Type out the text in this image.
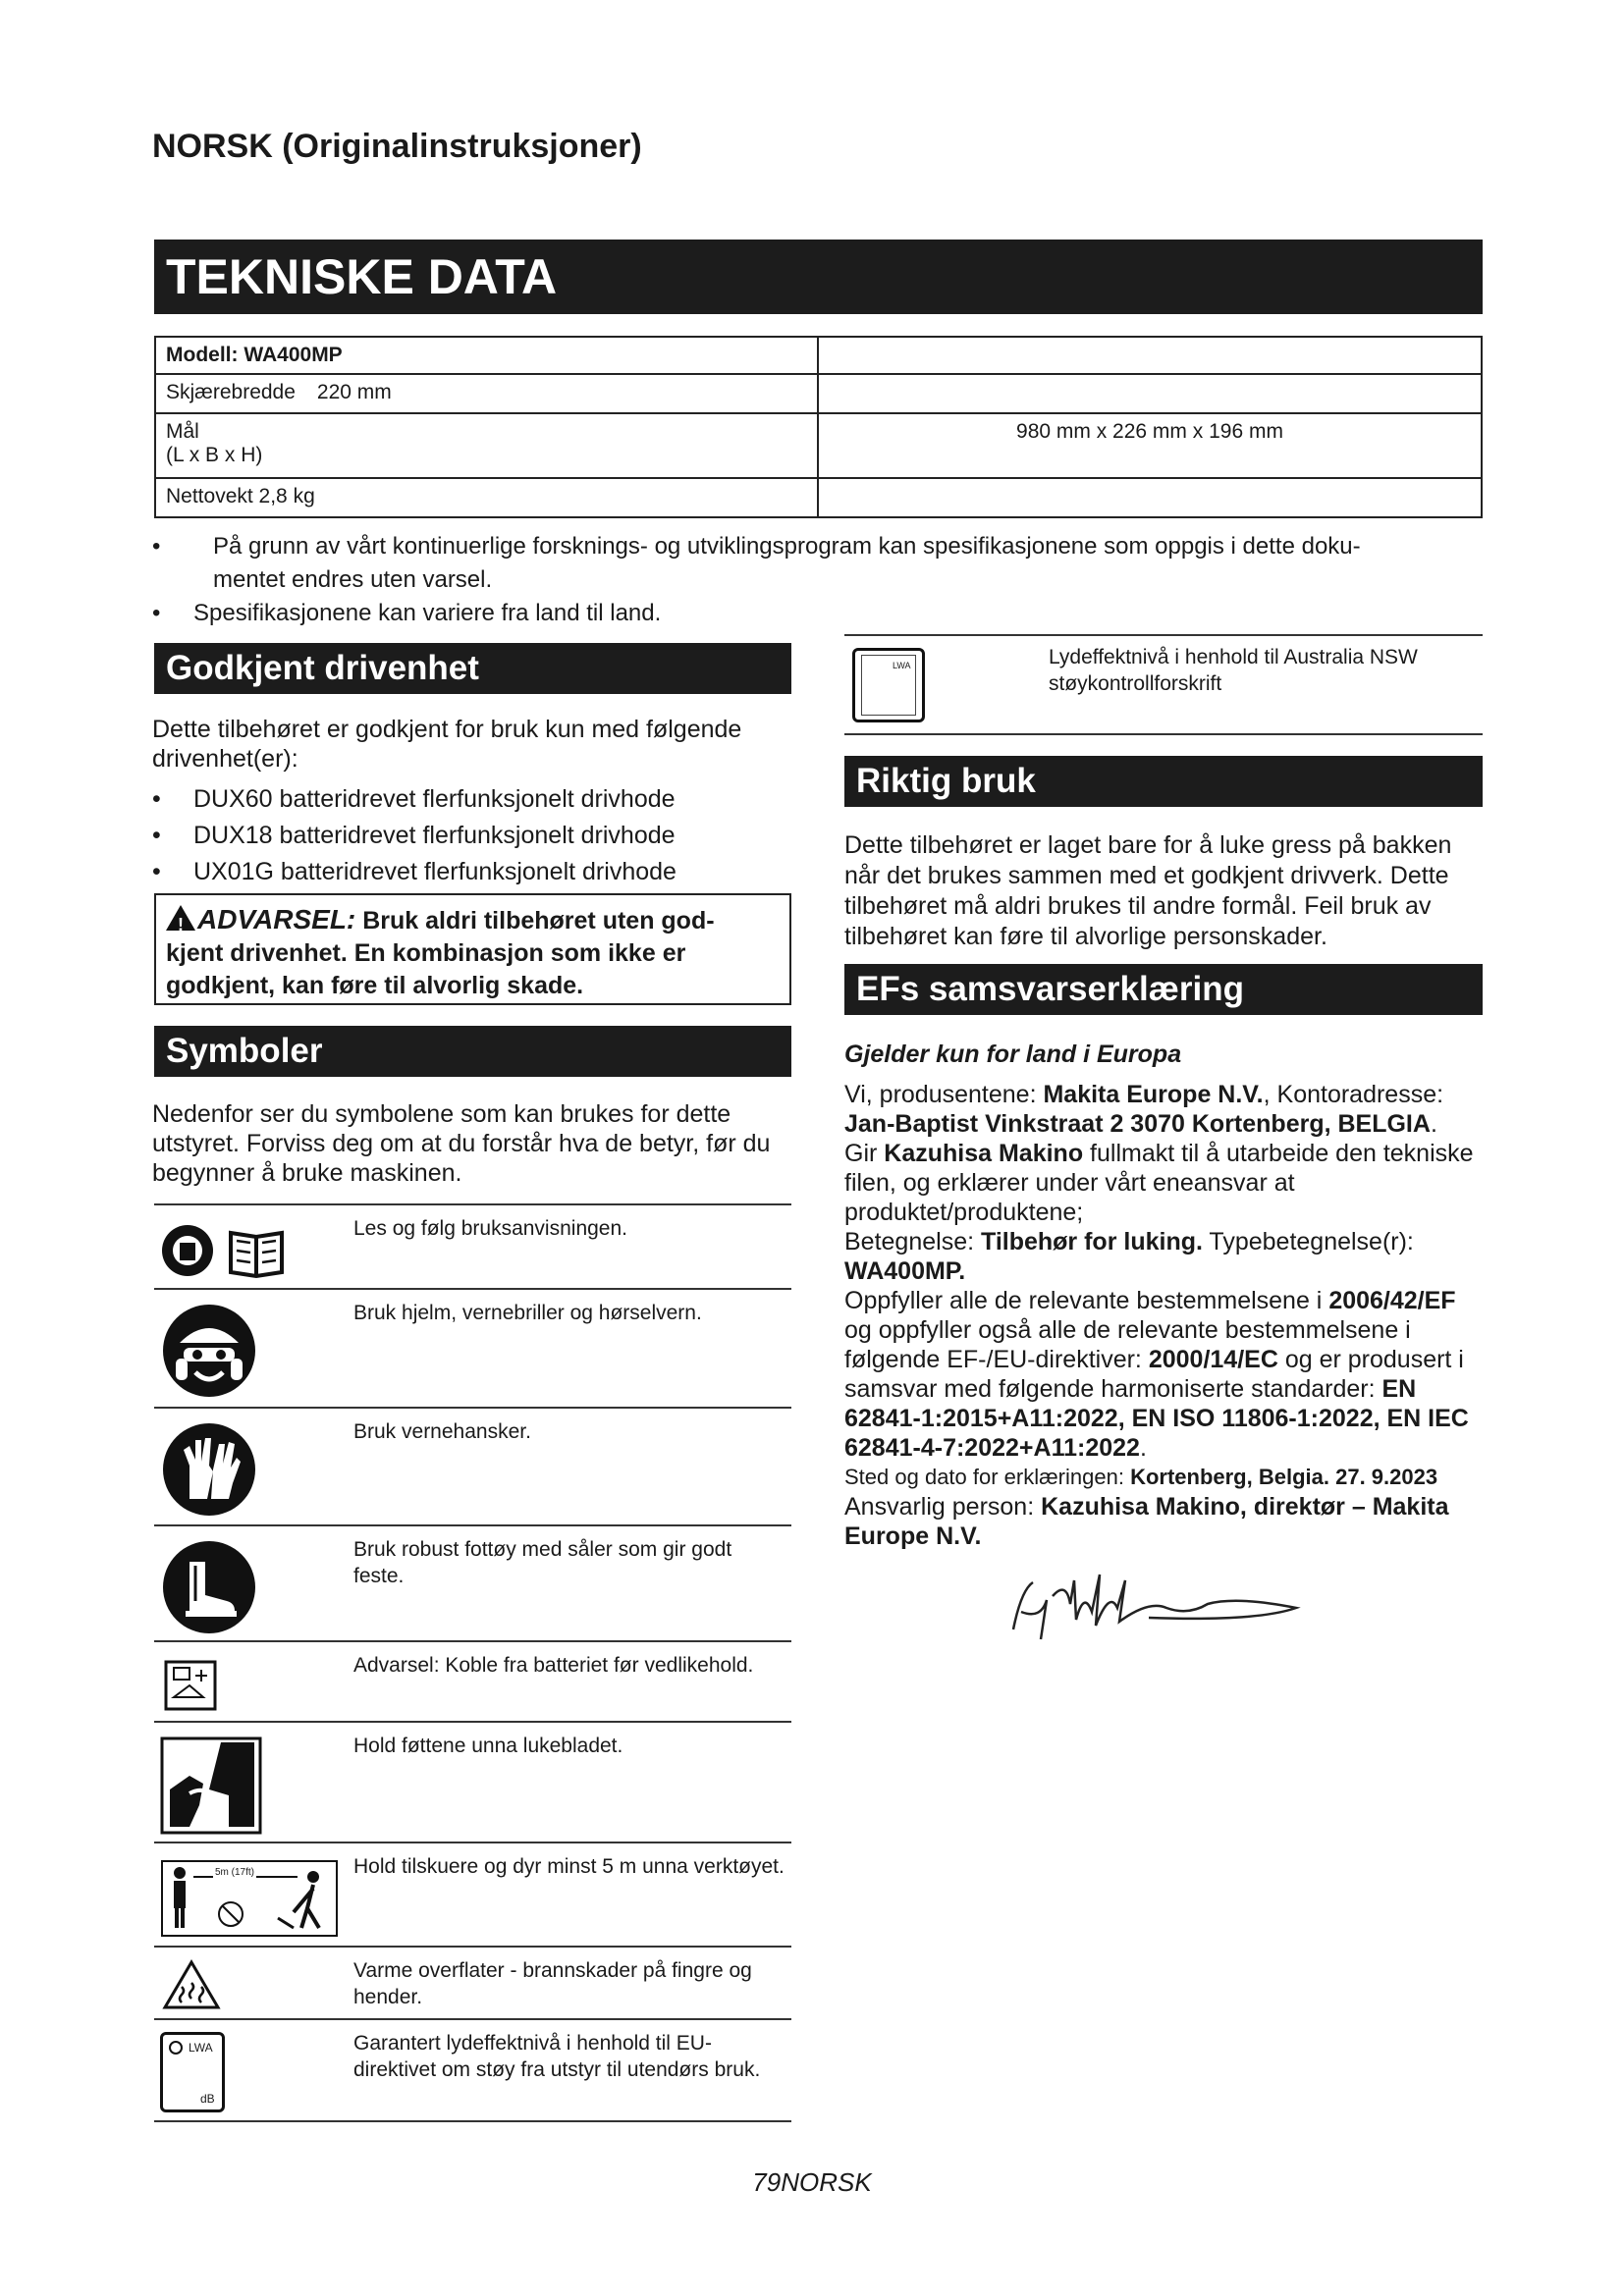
NORSK (Originalinstruksjoner)
TEKNISKE DATA
Modell: WA400MP	
Skjærebredde 220 mm	

Mål
(L x B x H)	980 mm x 226 mm x 196 mm
Nettovekt 2,8 kg	
• På grunn av vårt kontinuerlige forsknings- og utviklingsprogram kan spesifikasjonene som oppgis i dette doku-
mentet endres uten varsel.
• Spesifikasjonene kan variere fra land til land.
Godkjent drivenhet
Dette tilbehøret er godkjent for bruk kun med følgende drivenhet(er):
• DUX60 batteridrevet flerfunksjonelt drivhode
• DUX18 batteridrevet flerfunksjonelt drivhode
• UX01G batteridrevet flerfunksjonelt drivhode
!ADVARSEL: Bruk aldri tilbehøret uten god-
kjent drivenhet. En kombinasjon som ikke er
godkjent, kan føre til alvorlig skade.
Symboler
Nedenfor ser du symbolene som kan brukes for dette utstyret. Forviss deg om at du forstår hva de betyr, før du begynner å bruke maskinen.
Les og følg bruksanvisningen.
Bruk hjelm, vernebriller og hørselvern.
Bruk vernehansker.
Bruk robust fottøy med såler som gir godt feste.
Advarsel: Koble fra batteriet før vedlikehold.
Hold føttene unna lukebladet.
5m (17ft)	Hold tilskuere og dyr minst 5 m unna verktøyet.
Varme overflater - brannskader på fingre og hender.
LWA
dB
Garantert lydeffektnivå i henhold til EU-direktivet om støy fra utstyr til utendørs bruk.
LWA	Lydeffektnivå i henhold til Australia NSW støykontrollforskrift
Riktig bruk
Dette tilbehøret er laget bare for å luke gress på bakken når det brukes sammen med et godkjent drivverk. Dette tilbehøret må aldri brukes til andre formål. Feil bruk av tilbehøret kan føre til alvorlige personskader.
EFs samsvarserklæring
Gjelder kun for land i Europa
Vi, produsentene: Makita Europe N.V., Kontoradresse: Jan-Baptist Vinkstraat 2 3070 Kortenberg, BELGIA.
Gir Kazuhisa Makino fullmakt til å utarbeide den tekniske filen, og erklærer under vårt eneansvar at produktet/produktene;
Betegnelse: Tilbehør for luking. Typebetegnelse(r): WA400MP.
Oppfyller alle de relevante bestemmelsene i 2006/42/EF og oppfyller også alle de relevante bestemmelsene i følgende EF-/EU-direktiver: 2000/14/EC og er produsert i samsvar med følgende harmoniserte standarder: EN 62841-1:2015+A11:2022, EN ISO 11806-1:2022, EN IEC 62841-4-7:2022+A11:2022.
Sted og dato for erklæringen: Kortenberg, Belgia. 27. 9.2023
Ansvarlig person: Kazuhisa Makino, direktør – Makita Europe N.V.
79NORSK
